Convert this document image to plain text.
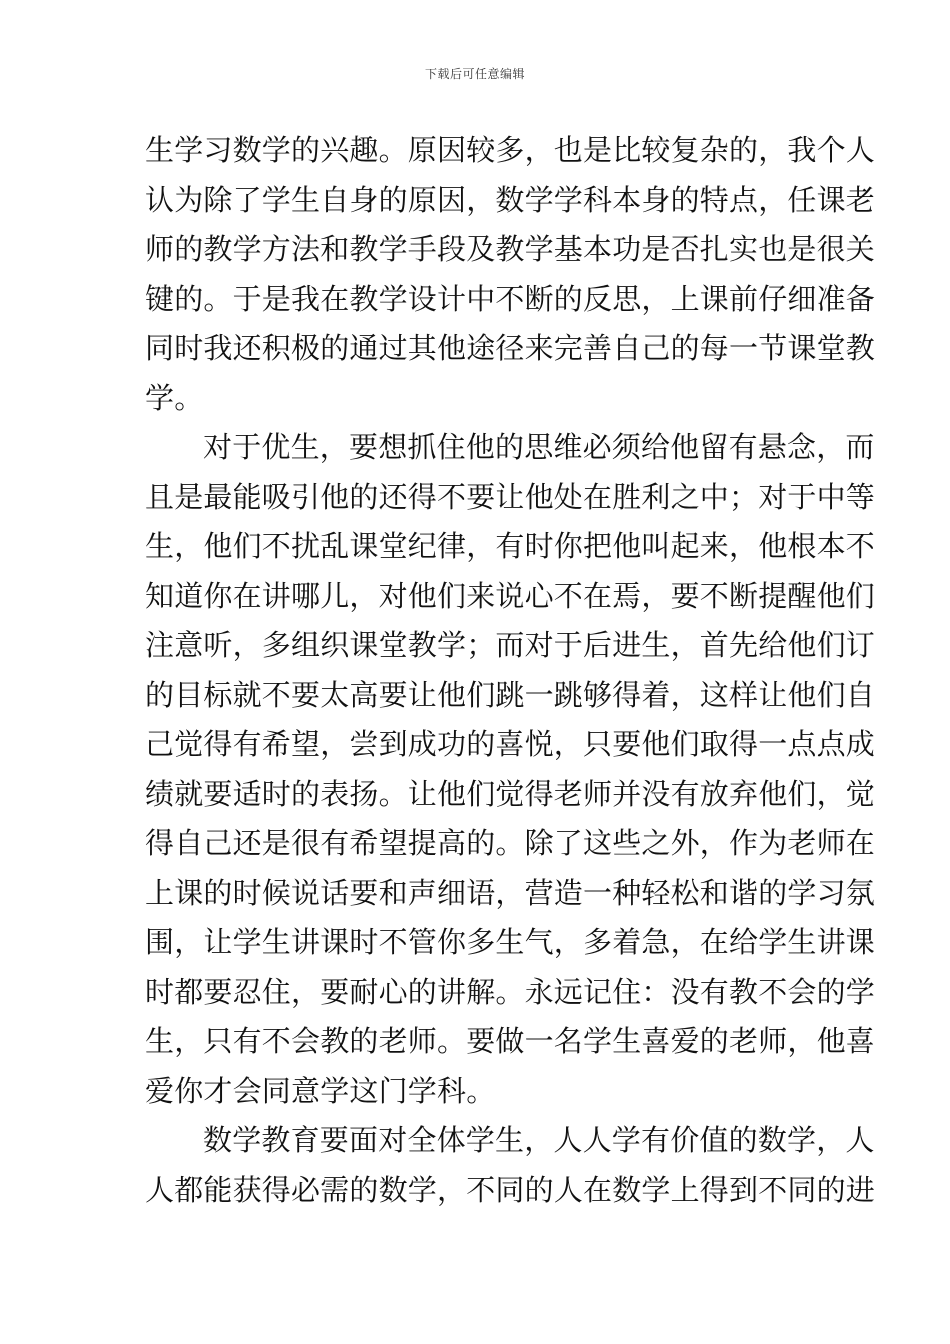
下载后可任意编辑
生学习数学的兴趣。原因较多，也是比较复杂的，我个人
认为除了学生自身的原因，数学学科本身的特点，任课老
师的教学方法和教学手段及教学基本功是否扎实也是很关
键的。于是我在教学设计中不断的反思，上课前仔细准备
同时我还积极的通过其他途径来完善自己的每一节课堂教
学。
对于优生，要想抓住他的思维必须给他留有悬念，而
且是最能吸引他的还得不要让他处在胜利之中；对于中等
生，他们不扰乱课堂纪律，有时你把他叫起来，他根本不
知道你在讲哪儿，对他们来说心不在焉，要不断提醒他们
注意听，多组织课堂教学；而对于后进生，首先给他们订
的目标就不要太高要让他们跳一跳够得着，这样让他们自
己觉得有希望，尝到成功的喜悦，只要他们取得一点点成
绩就要适时的表扬。让他们觉得老师并没有放弃他们，觉
得自己还是很有希望提高的。除了这些之外，作为老师在
上课的时候说话要和声细语，营造一种轻松和谐的学习氛
围，让学生讲课时不管你多生气，多着急，在给学生讲课
时都要忍住，要耐心的讲解。永远记住：没有教不会的学
生，只有不会教的老师。要做一名学生喜爱的老师，他喜
爱你才会同意学这门学科。
数学教育要面对全体学生，人人学有价值的数学，人
人都能获得必需的数学，不同的人在数学上得到不同的进
